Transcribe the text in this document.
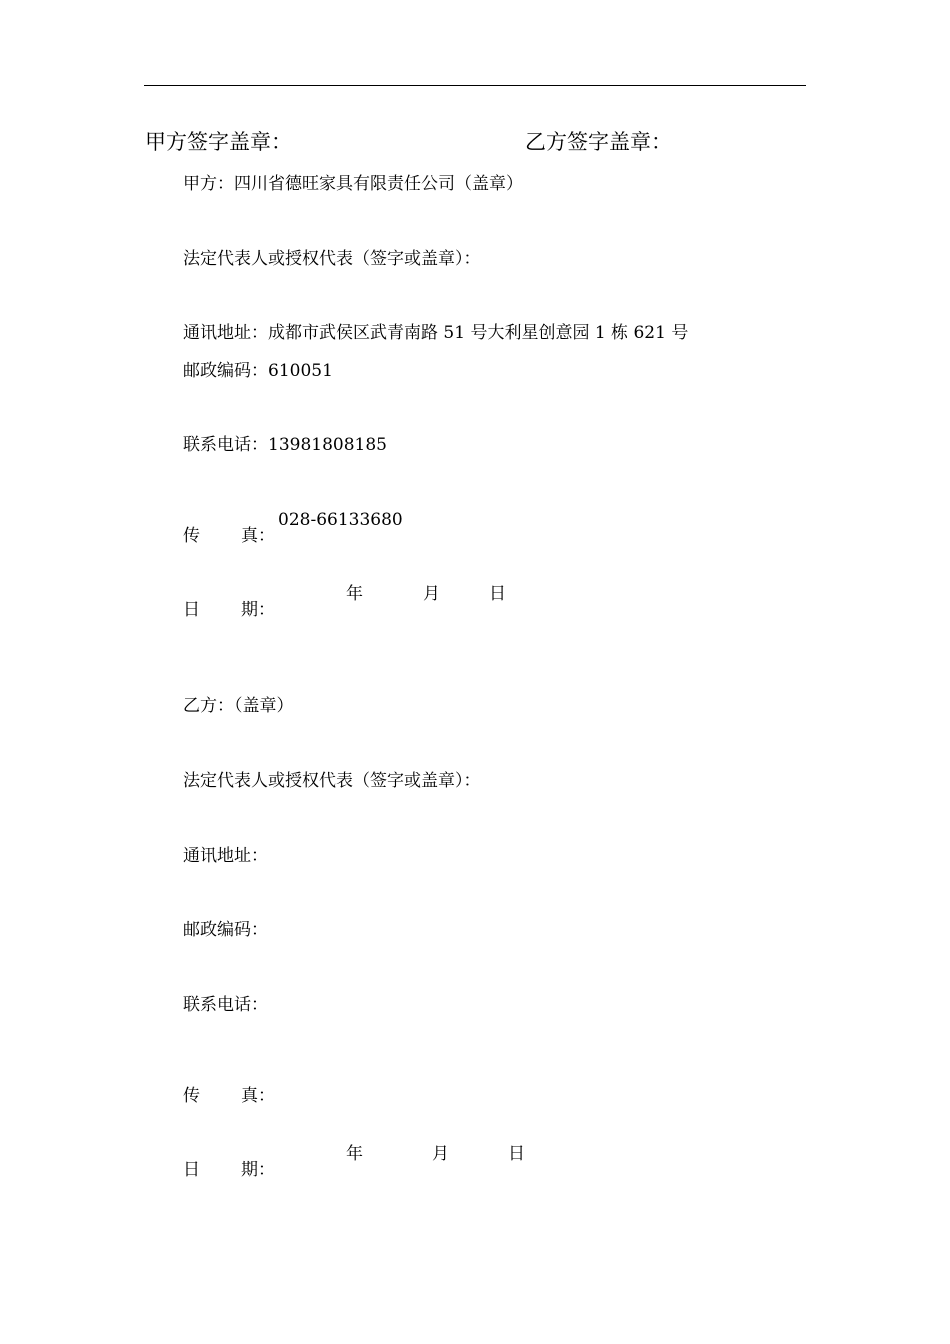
甲方签字盖章：	乙方签字盖章：
甲方：四川省德旺家具有限责任公司（盖章）
法定代表人或授权代表（签字或盖章）：
通讯地址：成都市武侯区武青南路 51 号大利星创意园 1 栋 621 号
邮政编码：610051
联系电话：13981808185
传 真 ：
028-66133680
日 期 ：
年	月	日
乙方：（盖章）
法定代表人或授权代表（签字或盖章）：
通讯地址：
邮政编码：
联系电话：
传 真 ：
日 期 ：
年	月	日
